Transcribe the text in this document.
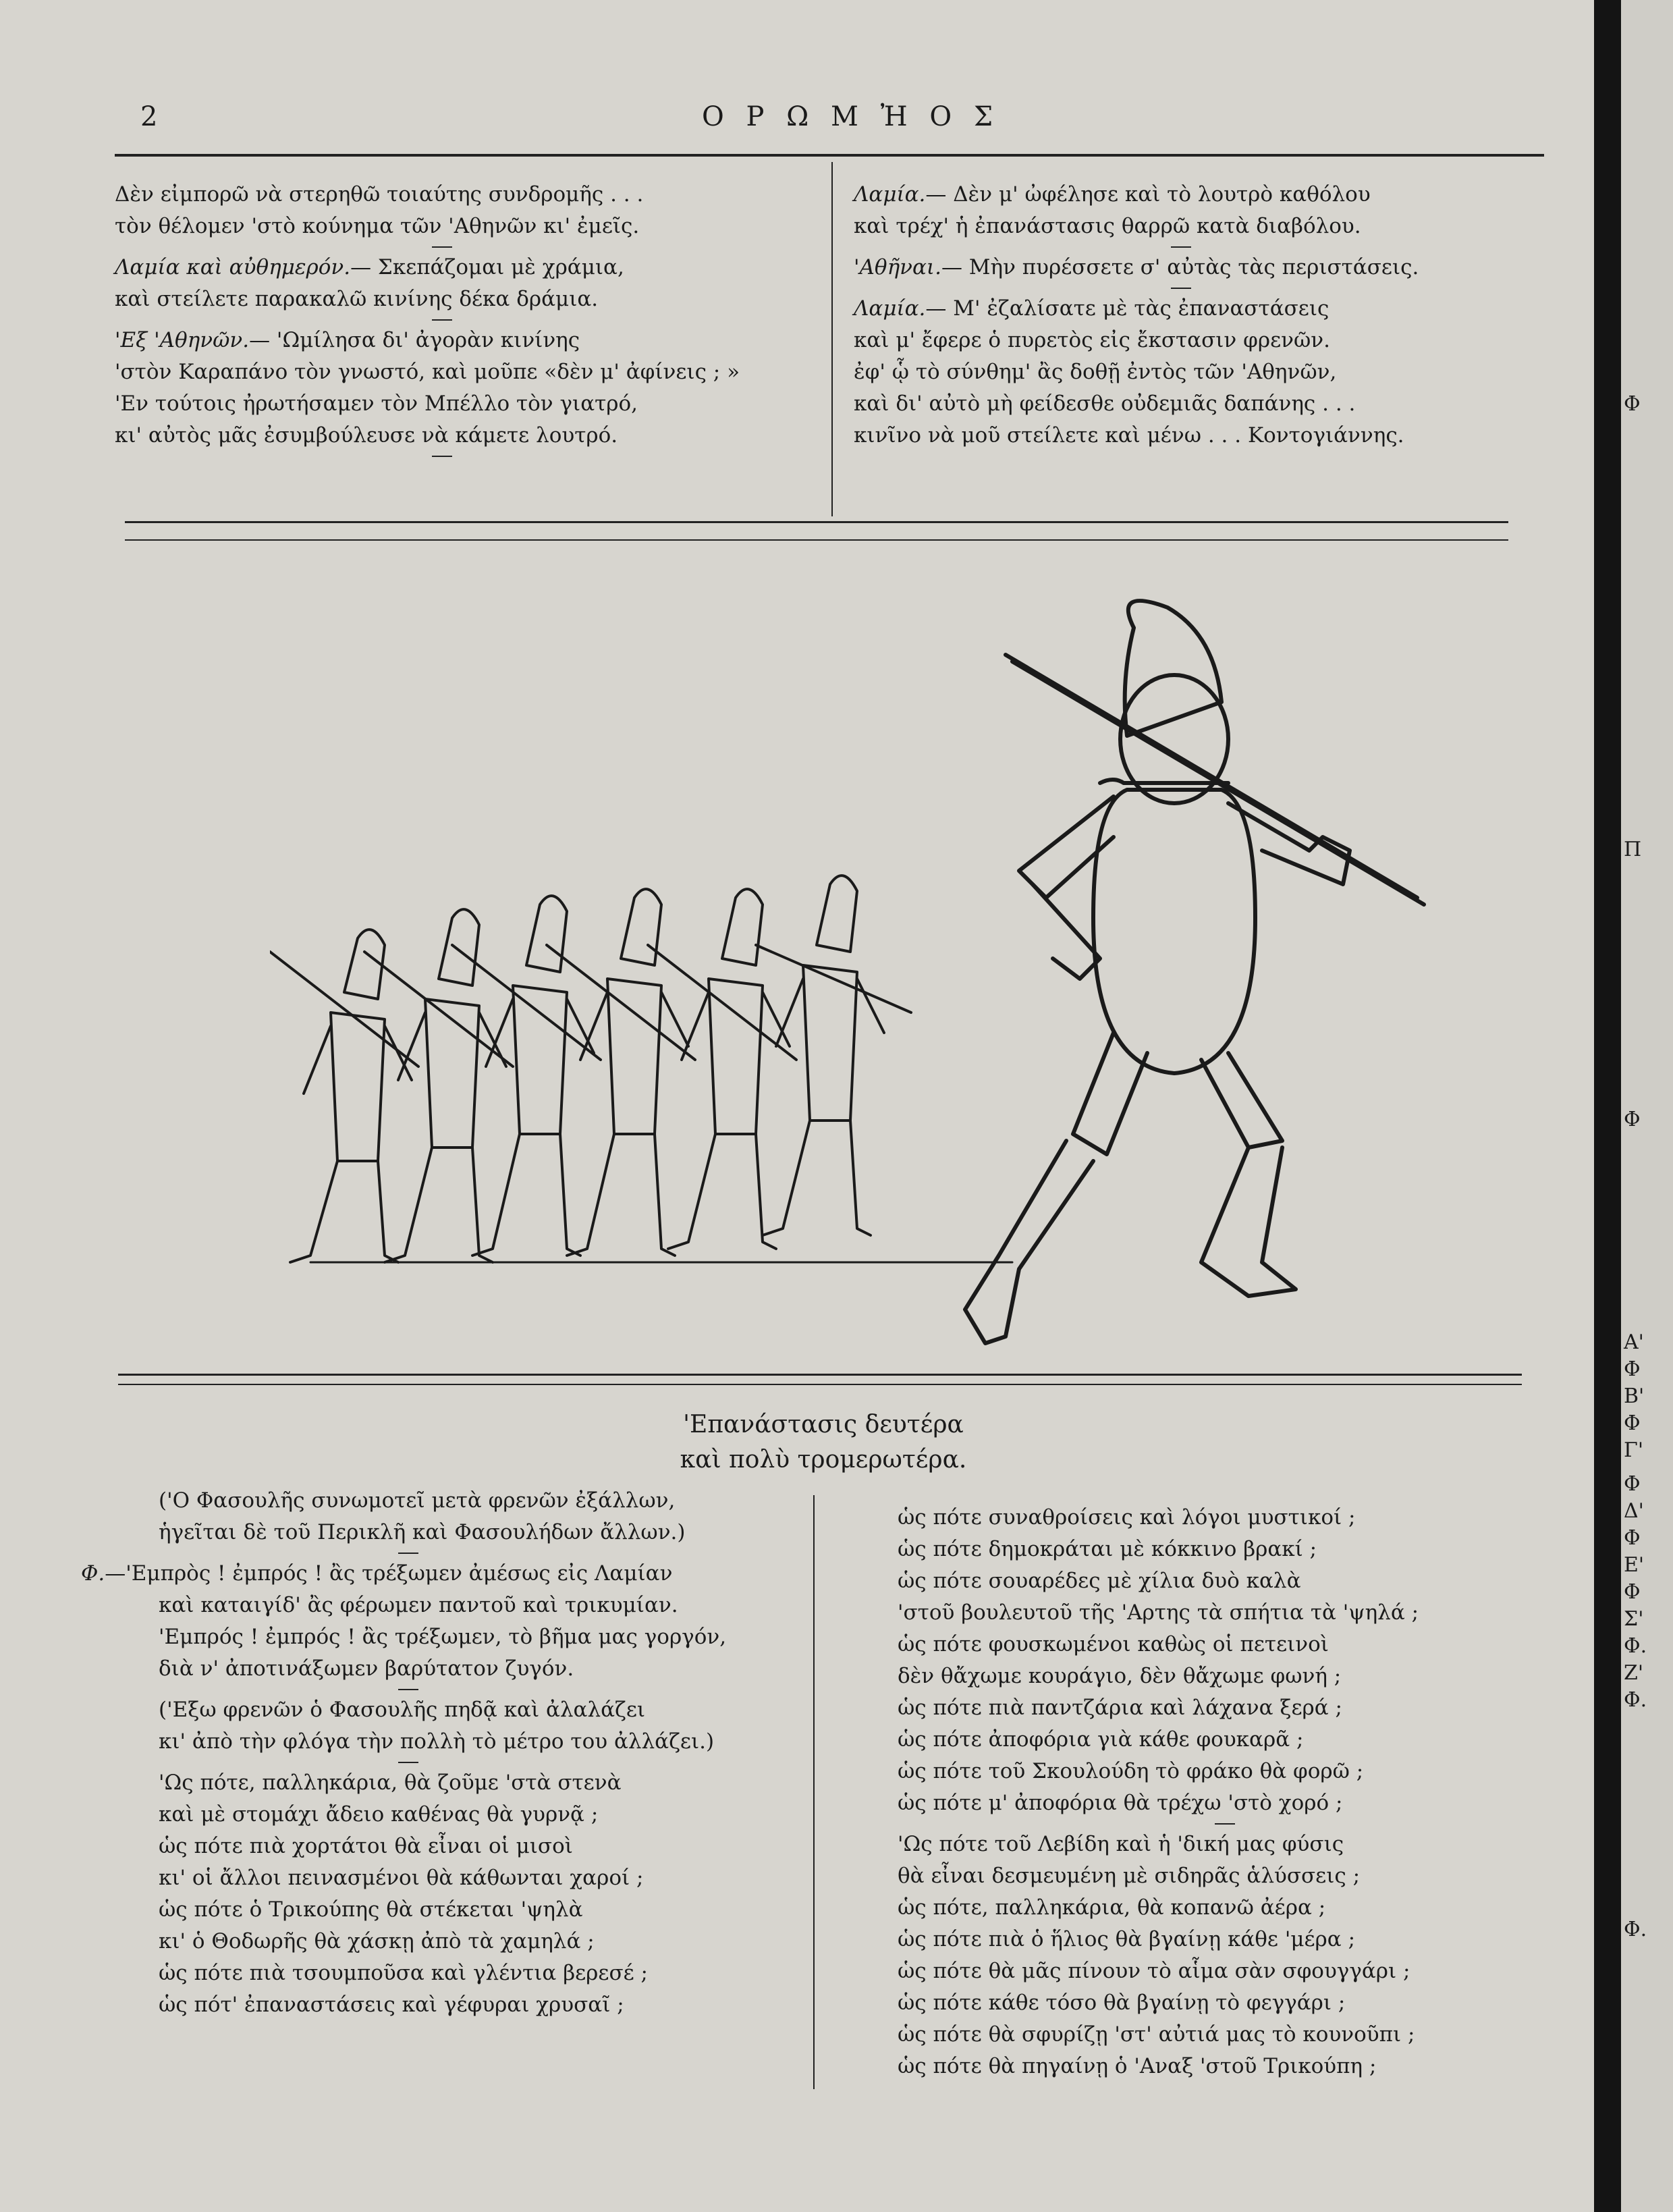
2	Ο Ρ Ω Μ Ἠ Ο Σ
Δὲν εἰμπορῶ νὰ στερηθῶ τοιαύτης συνδρομῆς . . .
τὸν θέλομεν 'στὸ κούνημα τῶν 'Αθηνῶν κι' ἐμεῖς.
Λαμία καὶ αὐθημερόν.— Σκεπάζομαι μὲ χράμια,
καὶ στείλετε παρακαλῶ κινίνης δέκα δράμια.
'Εξ 'Αθηνῶν.— 'Ωμίλησα δι' ἀγορὰν κινίνης
'στὸν Καραπάνο τὸν γνωστό, καὶ μοῦπε «δὲν μ' ἀφίνεις ; »
'Εν τούτοις ἠρωτήσαμεν τὸν Μπέλλο τὸν γιατρό,
κι' αὐτὸς μᾶς ἐσυμβούλευσε νὰ κάμετε λουτρό.
Λαμία.— Δὲν μ' ὠφέλησε καὶ τὸ λουτρὸ καθόλου
καὶ τρέχ' ἡ ἐπανάστασις θαρρῶ κατὰ διαβόλου.
'Αθῆναι.— Μὴν πυρέσσετε σ' αὐτὰς τὰς περιστάσεις.
Λαμία.— Μ' ἐζαλίσατε μὲ τὰς ἐπαναστάσεις
καὶ μ' ἔφερε ὁ πυρετὸς εἰς ἔκστασιν φρενῶν.
ἐφ' ᾧ τὸ σύνθημ' ἂς δοθῇ ἐντὸς τῶν 'Αθηνῶν,
καὶ δι' αὐτὸ μὴ φείδεσθε οὐδεμιᾶς δαπάνης . . .
κινῖνο νὰ μοῦ στείλετε καὶ μένω . . . Κοντογιάννης.
'Επανάστασις δευτέρα
καὶ πολὺ τρομερωτέρα.
('Ο Φασουλῆς συνωμοτεῖ μετὰ φρενῶν ἐξάλλων,
ἡγεῖται δὲ τοῦ Περικλῆ καὶ Φασουλήδων ἄλλων.)
Φ.—'Εμπρὸς ! ἐμπρός ! ἂς τρέξωμεν ἀμέσως εἰς Λαμίαν
καὶ καταιγίδ' ἂς φέρωμεν παντοῦ καὶ τρικυμίαν.
'Εμπρός ! ἐμπρός ! ἂς τρέξωμεν, τὸ βῆμα μας γοργόν,
διὰ ν' ἀποτινάξωμεν βαρύτατον ζυγόν.
('Εξω φρενῶν ὁ Φασουλῆς πηδᾷ καὶ ἀλαλάζει
κι' ἀπὸ τὴν φλόγα τὴν πολλὴ τὸ μέτρο του ἀλλάζει.)
'Ως πότε, παλληκάρια, θὰ ζοῦμε 'στὰ στενὰ
καὶ μὲ στομάχι ἄδειο καθένας θὰ γυρνᾷ ;
ὡς πότε πιὰ χορτάτοι θὰ εἶναι οἱ μισοὶ
κι' οἱ ἄλλοι πεινασμένοι θὰ κάθωνται χαροί ;
ὡς πότε ὁ Τρικούπης θὰ στέκεται 'ψηλὰ
κι' ὁ Θοδωρῆς θὰ χάσκῃ ἀπὸ τὰ χαμηλά ;
ὡς πότε πιὰ τσουμποῦσα καὶ γλέντια βερεσέ ;
ὡς πότ' ἐπαναστάσεις καὶ γέφυραι χρυσαῖ ;
ὡς πότε συναθροίσεις καὶ λόγοι μυστικοί ;
ὡς πότε δημοκράται μὲ κόκκινο βρακί ;
ὡς πότε σουαρέδες μὲ χίλια δυὸ καλὰ
'στοῦ βουλευτοῦ τῆς 'Αρτης τὰ σπήτια τὰ 'ψηλά ;
ὡς πότε φουσκωμένοι καθὼς οἱ πετεινοὶ
δὲν θἄχωμε κουράγιο, δὲν θἄχωμε φωνή ;
ὡς πότε πιὰ παντζάρια καὶ λάχανα ξερά ;
ὡς πότε ἀποφόρια γιὰ κάθε φουκαρᾶ ;
ὡς πότε τοῦ Σκουλούδη τὸ φράκο θὰ φορῶ ;
ὡς πότε μ' ἀποφόρια θὰ τρέχω 'στὸ χορό ;
'Ως πότε τοῦ Λεβίδη καὶ ἡ 'δική μας φύσις
θὰ εἶναι δεσμευμένη μὲ σιδηρᾶς ἁλύσσεις ;
ὡς πότε, παλληκάρια, θὰ κοπανῶ ἀέρα ;
ὡς πότε πιὰ ὁ ἥλιος θὰ βγαίνῃ κάθε 'μέρα ;
ὡς πότε θὰ μᾶς πίνουν τὸ αἷμα σὰν σφουγγάρι ;
ὡς πότε κάθε τόσο θὰ βγαίνῃ τὸ φεγγάρι ;
ὡς πότε θὰ σφυρίζῃ 'στ' αὐτιά μας τὸ κουνοῦπι ;
ὡς πότε θὰ πηγαίνῃ ὁ 'Αναξ 'στοῦ Τρικούπη ;
Φ
Π
Φ
Α'
Φ
Β'
Φ
Γ'
Φ
Δ'
Φ
Ε'
Φ
Σ'
Φ.
Ζ'
Φ.
Φ.
